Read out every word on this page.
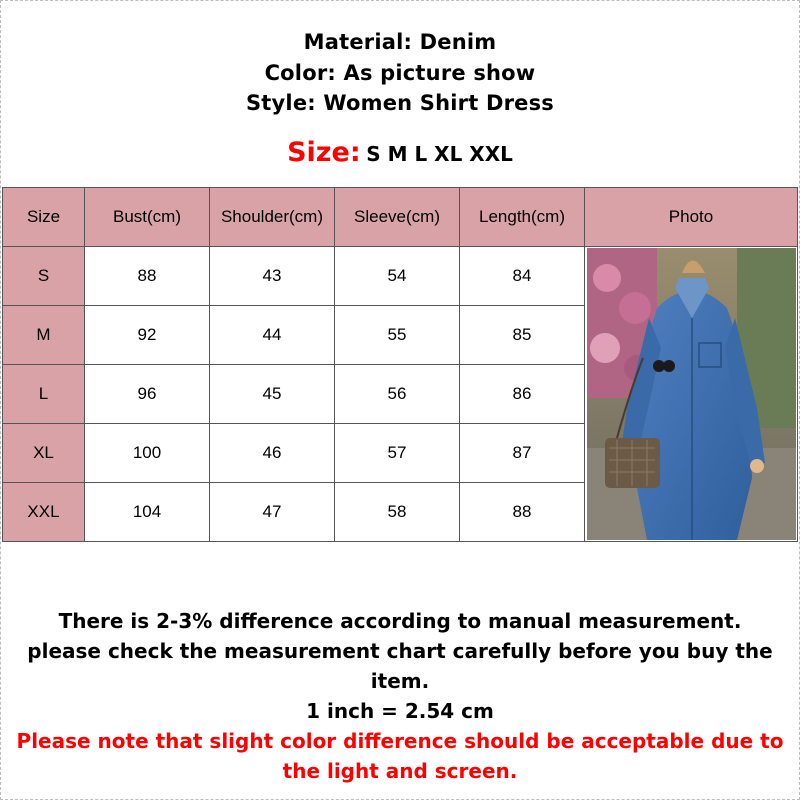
Material: Denim
Color: As picture show
Style: Women Shirt Dress
Size: S M L XL XXL
Size	Bust(cm)	Shoulder(cm)	Sleeve(cm)	Length(cm)	Photo
S	88	43	54	84	

M	92	44	55	85	
L	96	45	56	86	
XL	100	46	57	87	
XXL	104	47	58	88	
There is 2-3% difference according to manual measurement.
please check the measurement chart carefully before you buy the item.
1 inch = 2.54 cm
Please note that slight color difference should be acceptable due to the light and screen.
